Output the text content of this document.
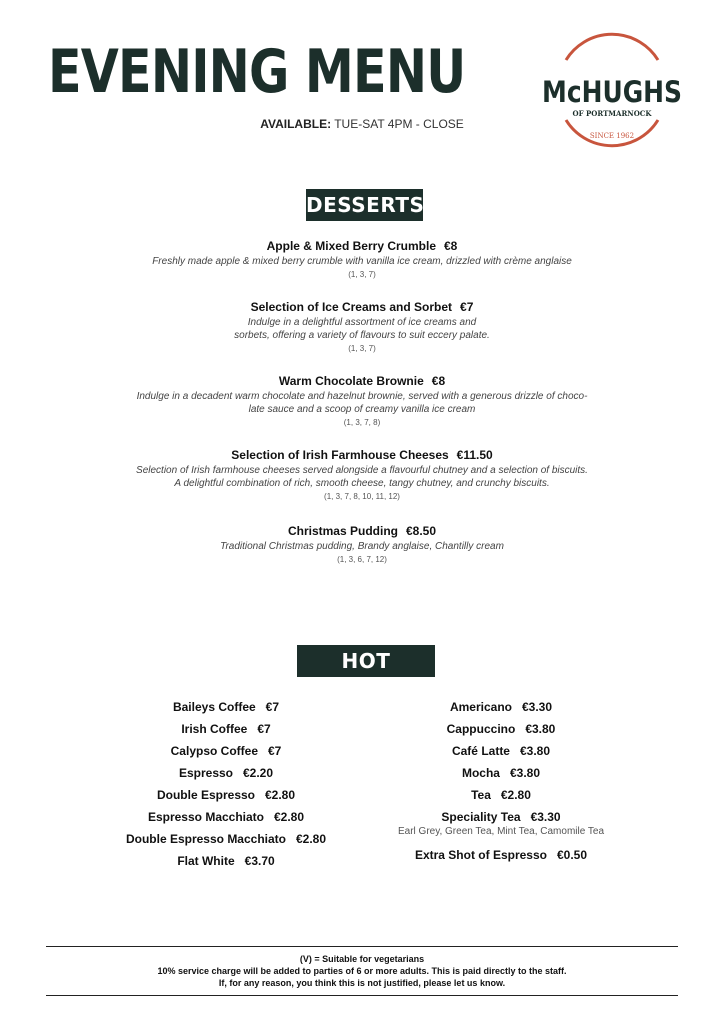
EVENING MENU
AVAILABLE: TUE-SAT 4PM - CLOSE
McHUGHS
OF PORTMARNOCK
SINCE 1962
DESSERTS

Apple & Mixed Berry Crumble €8

Freshly made apple & mixed berry crumble with vanilla ice cream, drizzled with crème anglaise

(1, 3, 7)

Selection of Ice Creams and Sorbet €7

Indulge in a delightful assortment of ice creams and

sorbets, offering a variety of flavours to suit eccery palate.

(1, 3, 7)

Warm Chocolate Brownie €8

Indulge in a decadent warm chocolate and hazelnut brownie, served with a generous drizzle of choco-

late sauce and a scoop of creamy vanilla ice cream

(1, 3, 7, 8)

Selection of Irish Farmhouse Cheeses €11.50

Selection of Irish farmhouse cheeses served alongside a flavourful chutney and a selection of biscuits.

A delightful combination of rich, smooth cheese, tangy chutney, and crunchy biscuits.

(1, 3, 7, 8, 10, 11, 12)

Christmas Pudding €8.50

Traditional Christmas pudding, Brandy anglaise, Chantilly cream

(1, 3, 6, 7, 12)

HOT DRINKS
Baileys Coffee €7
Irish Coffee €7
Calypso Coffee €7
Espresso €2.20
Double Espresso €2.80
Espresso Macchiato €2.80
Double Espresso Macchiato €2.80
Flat White €3.70
Americano €3.30
Cappuccino €3.80
Café Latte €3.80
Mocha €3.80
Tea €2.80
Speciality Tea €3.30
Earl Grey, Green Tea, Mint Tea, Camomile Tea
Extra Shot of Espresso €0.50
(V) = Suitable for vegetarians
10% service charge will be added to parties of 6 or more adults. This is paid directly to the staff.
If, for any reason, you think this is not justified, please let us know.
